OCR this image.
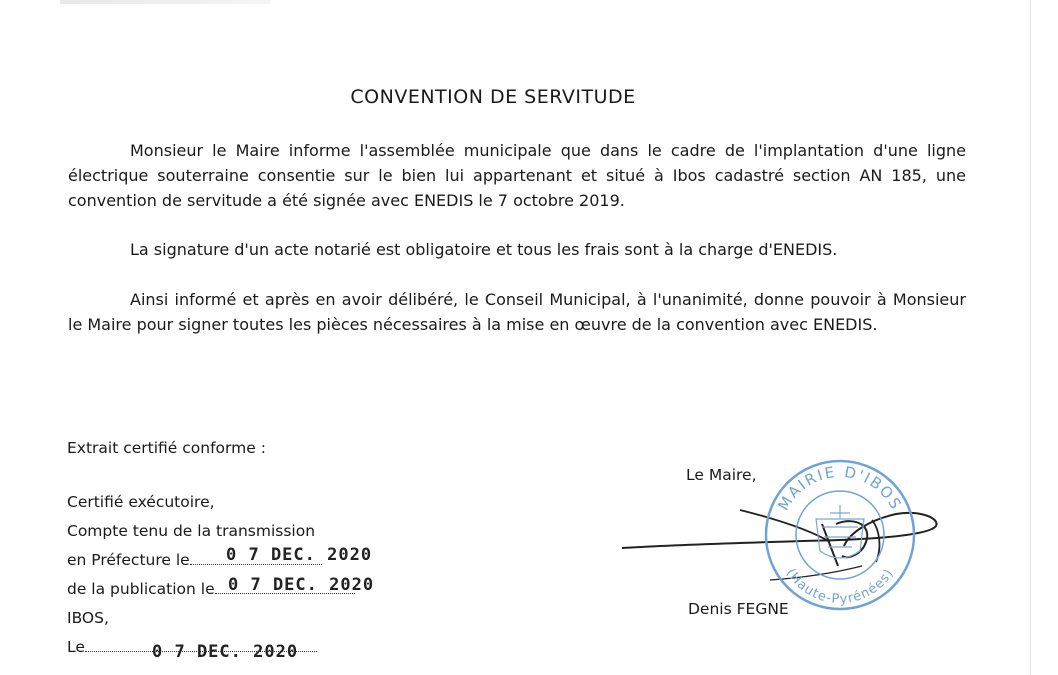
CONVENTION DE SERVITUDE
Monsieur le Maire informe l'assemblée municipale que dans le cadre de l'implantation d'une ligne électrique souterraine consentie sur le bien lui appartenant et situé à Ibos cadastré section AN 185, une convention de servitude a été signée avec ENEDIS le 7 octobre 2019.
La signature d'un acte notarié est obligatoire et tous les frais sont à la charge d'ENEDIS.
Ainsi informé et après en avoir délibéré, le Conseil Municipal, à l'unanimité, donne pouvoir à Monsieur le Maire pour signer toutes les pièces nécessaires à la mise en œuvre de la convention avec ENEDIS.
Extrait certifié conforme :
Certifié exécutoire,
Compte tenu de la transmission
en Préfecture le
de la publication le
IBOS,
Le
0 7 DEC. 2020
0 7 DEC. 2020
0 7 DEC. 2020
Le Maire,
MAIRIE D'IBOS
(Haute-Pyrénées)
Denis FEGNE
